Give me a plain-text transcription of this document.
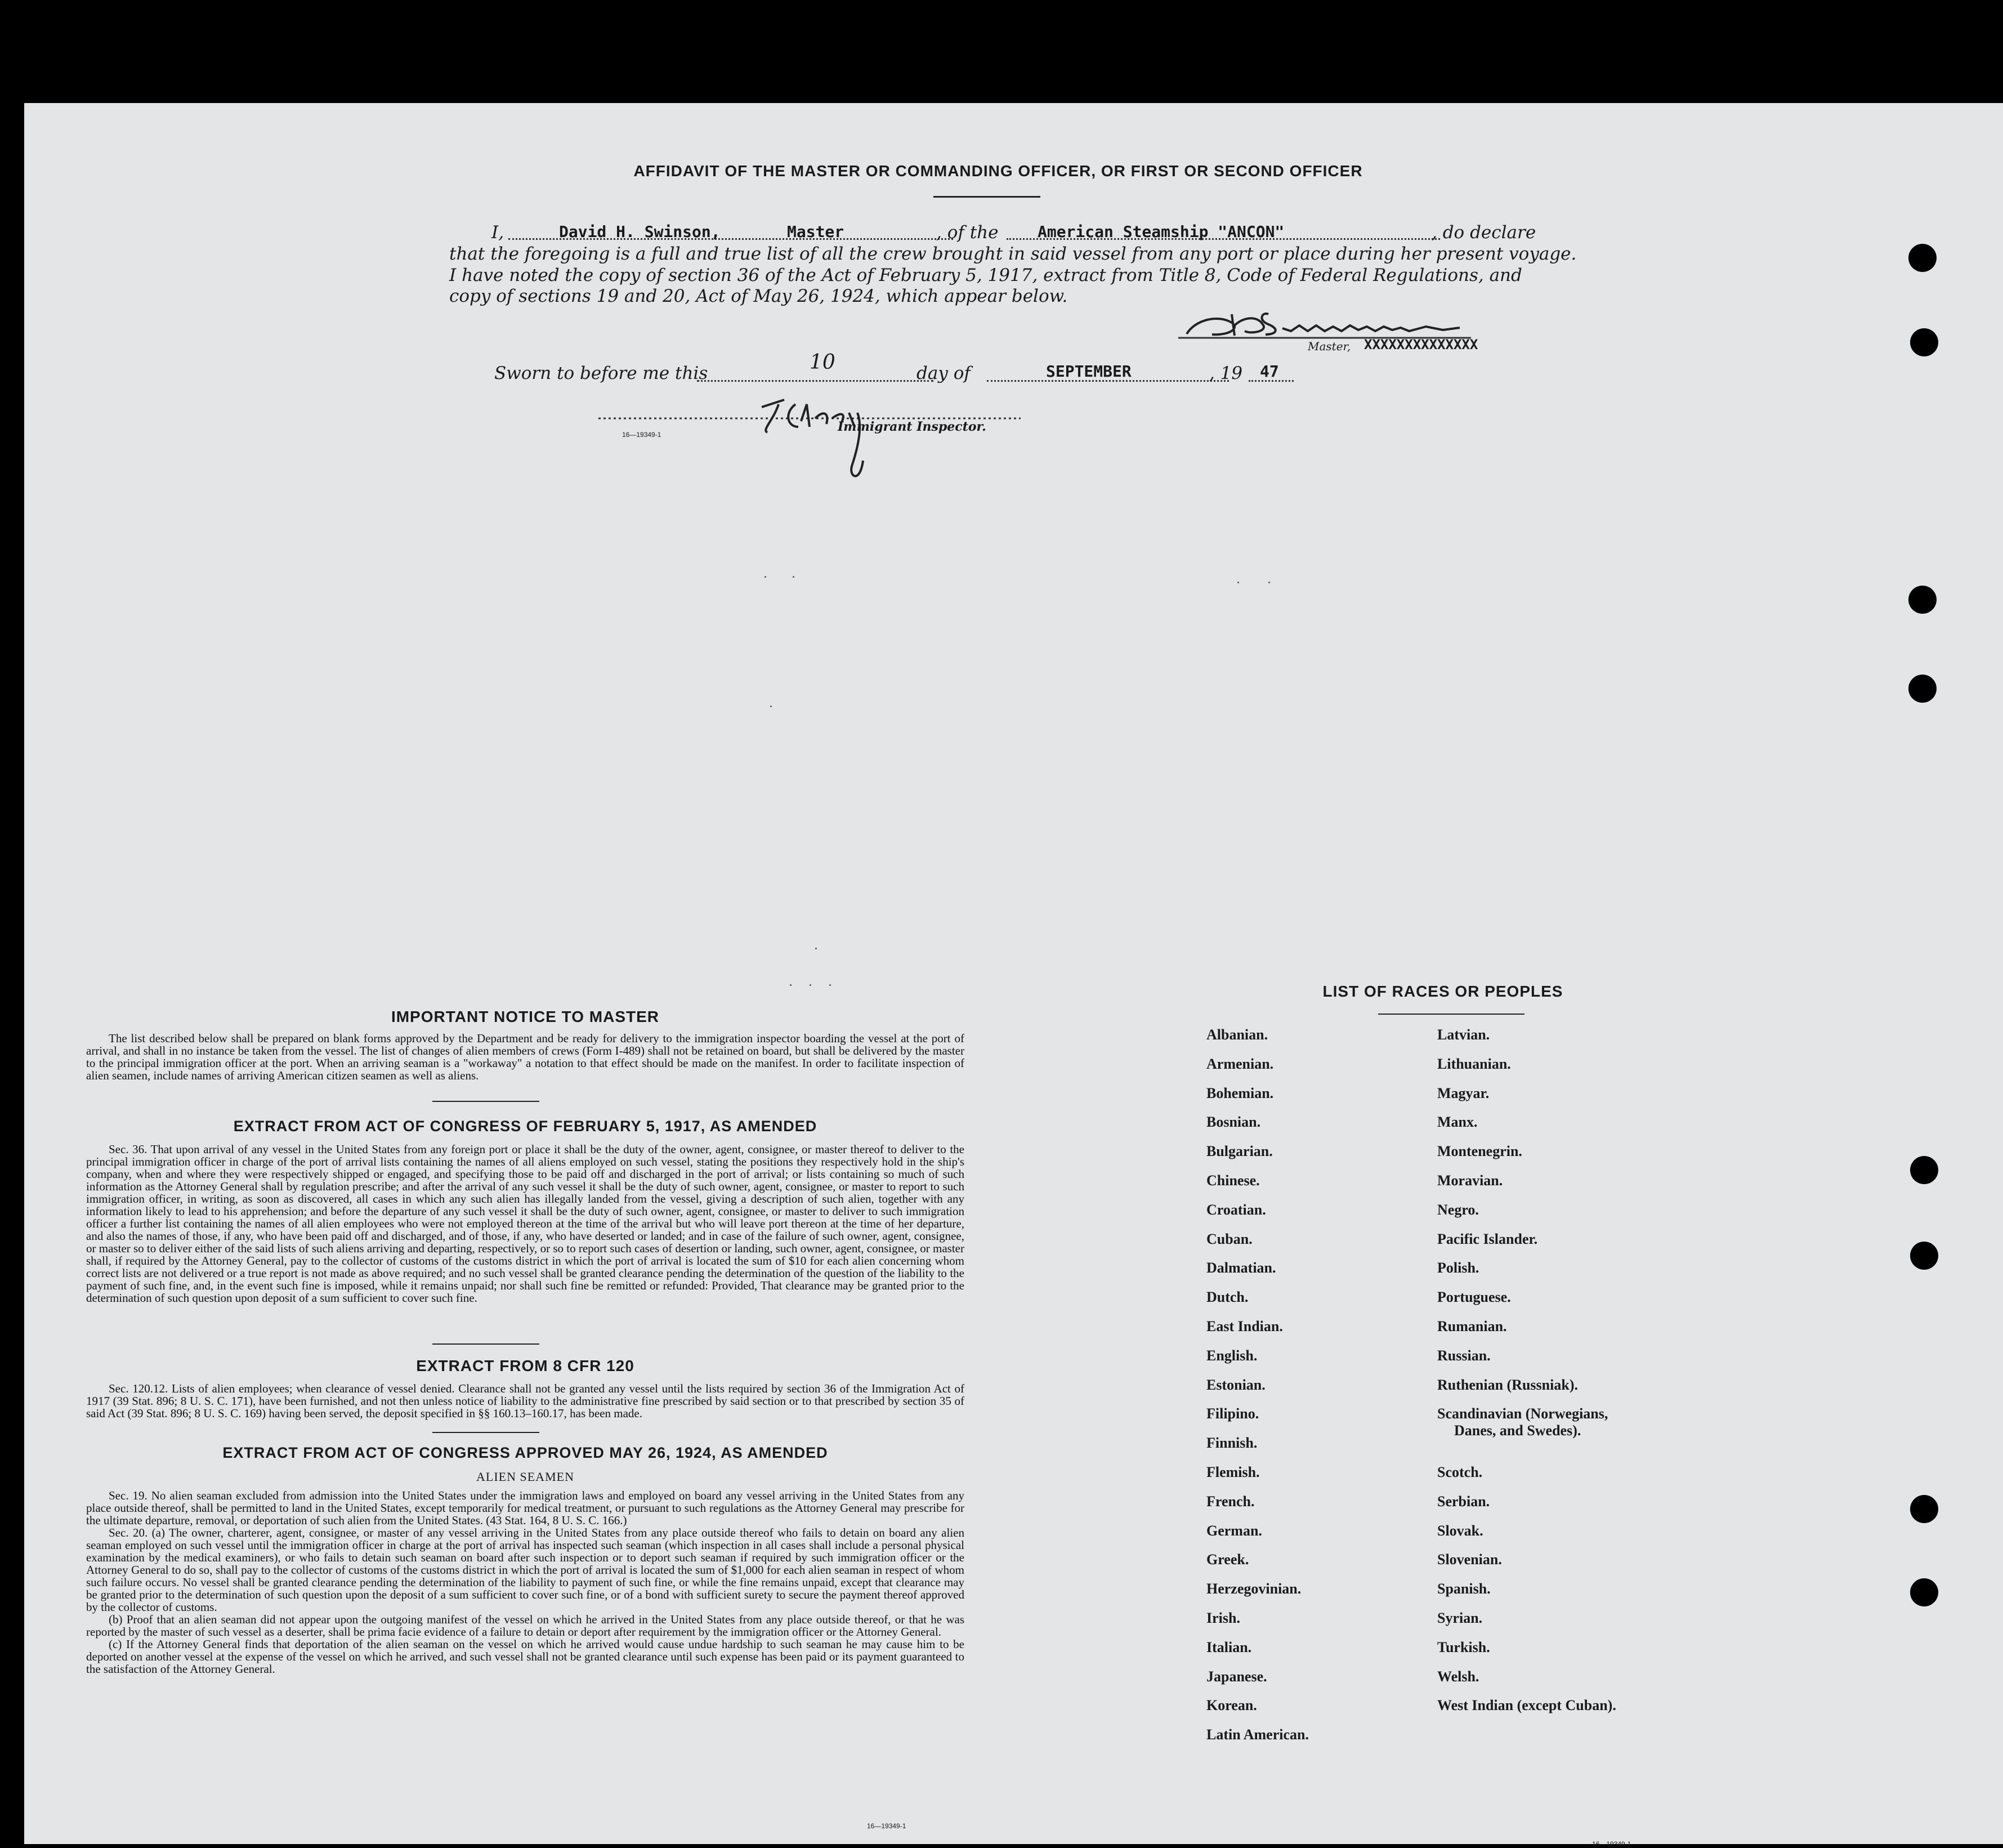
AFFIDAVIT OF THE MASTER OR COMMANDING OFFICER, OR FIRST OR SECOND OFFICER
I,	David H. Swinson,	Master	, of the American Steamship "ANCON"	, do declare
that the foregoing is a full and true list of all the crew brought in said vessel from any port or place during her present voyage.
I have noted the copy of section 36 of the Act of February 5, 1917, extract from Title 8, Code of Federal Regulations, and
copy of sections 19 and 20, Act of May 26, 1924, which appear below.
Master, XXXXXXXXXXXXXX
Sworn to before me this	10	day of	SEPTEMBER	, 19 47
Immigrant Inspector.
16—19349-1
IMPORTANT NOTICE TO MASTER

The list described below shall be prepared on blank forms approved by the Department and be ready for delivery to the immigration inspector boarding the vessel at the port of arrival, and shall in no instance be taken from the vessel. The list of changes of alien members of crews (Form I-489) shall not be retained on board, but shall be delivered by the master to the principal immigration officer at the port. When an arriving seaman is a "workaway" a notation to that effect should be made on the manifest. In order to facilitate inspection of alien seamen, include names of arriving American citizen seamen as well as aliens.

EXTRACT FROM ACT OF CONGRESS OF FEBRUARY 5, 1917, AS AMENDED

Sec. 36. That upon arrival of any vessel in the United States from any foreign port or place it shall be the duty of the owner, agent, consignee, or master thereof to deliver to the principal immigration officer in charge of the port of arrival lists containing the names of all aliens employed on such vessel, stating the positions they respectively hold in the ship's company, when and where they were respectively shipped or engaged, and specifying those to be paid off and discharged in the port of arrival; or lists containing so much of such information as the Attorney General shall by regulation prescribe; and after the arrival of any such vessel it shall be the duty of such owner, agent, consignee, or master to report to such immigration officer, in writing, as soon as discovered, all cases in which any such alien has illegally landed from the vessel, giving a description of such alien, together with any information likely to lead to his apprehension; and before the departure of any such vessel it shall be the duty of such owner, agent, consignee, or master to deliver to such immigration officer a further list containing the names of all alien employees who were not employed thereon at the time of the arrival but who will leave port thereon at the time of her departure, and also the names of those, if any, who have been paid off and discharged, and of those, if any, who have deserted or landed; and in case of the failure of such owner, agent, consignee, or master so to deliver either of the said lists of such aliens arriving and departing, respectively, or so to report such cases of desertion or landing, such owner, agent, consignee, or master shall, if required by the Attorney General, pay to the collector of customs of the customs district in which the port of arrival is located the sum of $10 for each alien concerning whom correct lists are not delivered or a true report is not made as above required; and no such vessel shall be granted clearance pending the determination of the question of the liability to the payment of such fine, and, in the event such fine is imposed, while it remains unpaid; nor shall such fine be remitted or refunded: Provided, That clearance may be granted prior to the determination of such question upon deposit of a sum sufficient to cover such fine.

EXTRACT FROM 8 CFR 120

Sec. 120.12. Lists of alien employees; when clearance of vessel denied. Clearance shall not be granted any vessel until the lists required by section 36 of the Immigration Act of 1917 (39 Stat. 896; 8 U. S. C. 171), have been furnished, and not then unless notice of liability to the administrative fine prescribed by said section or to that prescribed by section 35 of said Act (39 Stat. 896; 8 U. S. C. 169) having been served, the deposit specified in §§ 160.13–160.17, has been made.

EXTRACT FROM ACT OF CONGRESS APPROVED MAY 26, 1924, AS AMENDED
ALIEN SEAMEN

Sec. 19. No alien seaman excluded from admission into the United States under the immigration laws and employed on board any vessel arriving in the United States from any place outside thereof, shall be permitted to land in the United States, except temporarily for medical treatment, or pursuant to such regulations as the Attorney General may prescribe for the ultimate departure, removal, or deportation of such alien from the United States. (43 Stat. 164, 8 U. S. C. 166.)

Sec. 20. (a) The owner, charterer, agent, consignee, or master of any vessel arriving in the United States from any place outside thereof who fails to detain on board any alien seaman employed on such vessel until the immigration officer in charge at the port of arrival has inspected such seaman (which inspection in all cases shall include a personal physical examination by the medical examiners), or who fails to detain such seaman on board after such inspection or to deport such seaman if required by such immigration officer or the Attorney General to do so, shall pay to the collector of customs of the customs district in which the port of arrival is located the sum of $1,000 for each alien seaman in respect of whom such failure occurs. No vessel shall be granted clearance pending the determination of the liability to payment of such fine, or while the fine remains unpaid, except that clearance may be granted prior to the determination of such question upon the deposit of a sum sufficient to cover such fine, or of a bond with sufficient surety to secure the payment thereof approved by the collector of customs.

(b) Proof that an alien seaman did not appear upon the outgoing manifest of the vessel on which he arrived in the United States from any place outside thereof, or that he was reported by the master of such vessel as a deserter, shall be prima facie evidence of a failure to detain or deport after requirement by the immigration officer or the Attorney General.

(c) If the Attorney General finds that deportation of the alien seaman on the vessel on which he arrived would cause undue hardship to such seaman he may cause him to be deported on another vessel at the expense of the vessel on which he arrived, and such vessel shall not be granted clearance until such expense has been paid or its payment guaranteed to the satisfaction of the Attorney General.

16—19349-1
LIST OF RACES OR PEOPLES
Albanian.
Armenian.
Bohemian.
Bosnian.
Bulgarian.
Chinese.
Croatian.
Cuban.
Dalmatian.
Dutch.
East Indian.
English.
Estonian.
Filipino.
Finnish.
Flemish.
French.
German.
Greek.
Herzegovinian.
Irish.
Italian.
Japanese.
Korean.
Latin American.
Latvian.
Lithuanian.
Magyar.
Manx.
Montenegrin.
Moravian.
Negro.
Pacific Islander.
Polish.
Portuguese.
Rumanian.
Russian.
Ruthenian (Russniak).
Scandinavian (Norwegians,
Danes, and Swedes).
Scotch.
Serbian.
Slovak.
Slovenian.
Spanish.
Syrian.
Turkish.
Welsh.
West Indian (except Cuban).
16—19349-1
